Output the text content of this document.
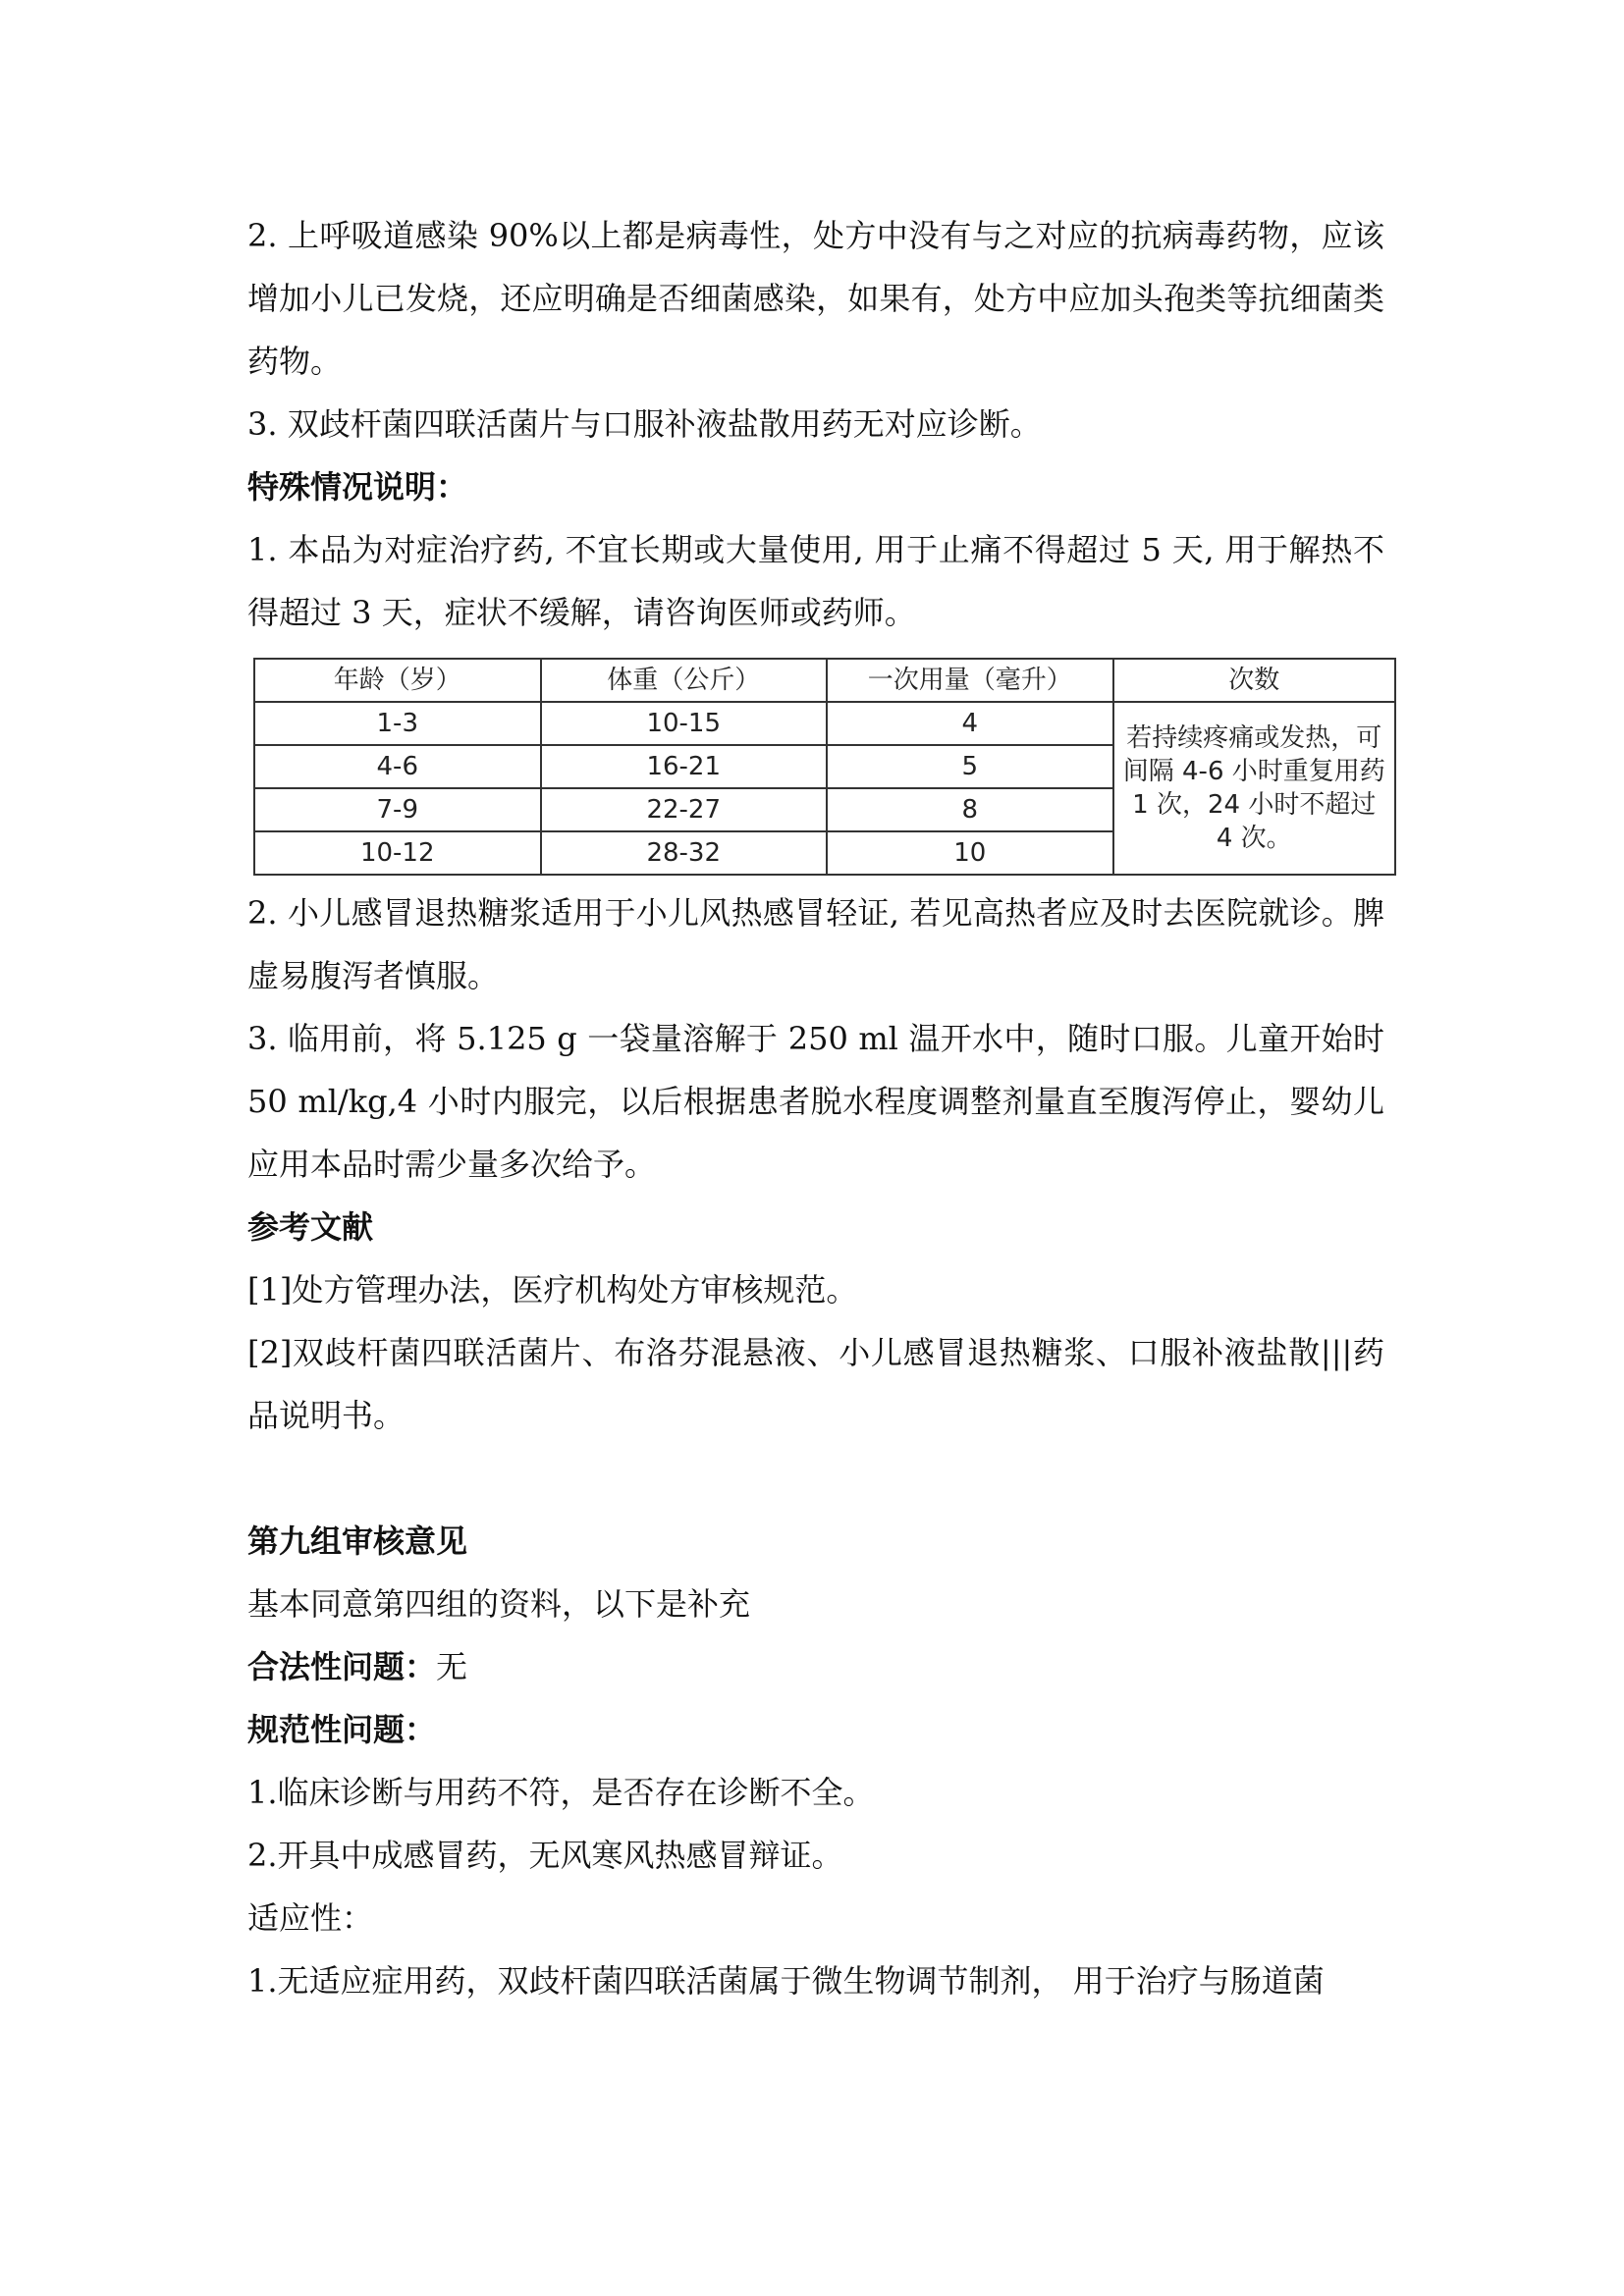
2. 上呼吸道感染 90%以上都是病毒性，处方中没有与之对应的抗病毒药物，应该增加小儿已发烧，还应明确是否细菌感染，如果有，处方中应加头孢类等抗细菌类药物。

3. 双歧杆菌四联活菌片与口服补液盐散用药无对应诊断。

特殊情况说明：

1. 本品为对症治疗药, 不宜长期或大量使用, 用于止痛不得超过 5 天, 用于解热不得超过 3 天，症状不缓解，请咨询医师或药师。

年龄（岁）	体重（公斤）	一次用量（毫升）	次数
1-3	10-15	4	若持续疼痛或发热，可间隔 4-6 小时重复用药 1 次，24 小时不超过 4 次。
4-6	16-21	5	
7-9	22-27	8	
10-12	28-32	10	

2. 小儿感冒退热糖浆适用于小儿风热感冒轻证, 若见高热者应及时去医院就诊。脾虚易腹泻者慎服。

3. 临用前，将 5.125 g 一袋量溶解于 250 ml 温开水中，随时口服。儿童开始时 50 ml/kg,4 小时内服完，以后根据患者脱水程度调整剂量直至腹泻停止，婴幼儿应用本品时需少量多次给予。

参考文献

[1]处方管理办法，医疗机构处方审核规范。

[2]双歧杆菌四联活菌片、布洛芬混悬液、小儿感冒退热糖浆、口服补液盐散|||药品说明书。

第九组审核意见

基本同意第四组的资料，以下是补充

合法性问题：无

规范性问题：

1.临床诊断与用药不符，是否存在诊断不全。

2.开具中成感冒药，无风寒风热感冒辩证。

适应性：

1.无适应症用药，双歧杆菌四联活菌属于微生物调节制剂， 用于治疗与肠道菌
